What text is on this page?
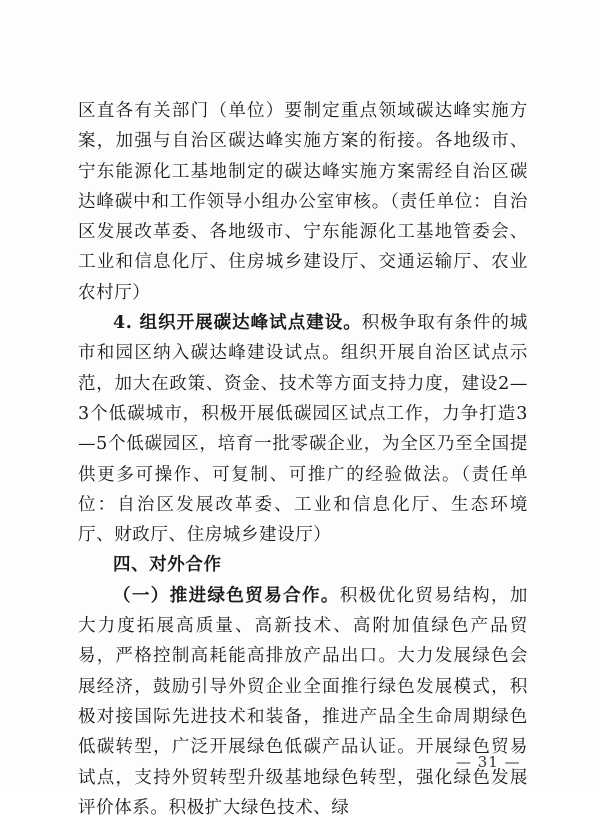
区直各有关部门（单位）要制定重点领域碳达峰实施方案，加强与自治区碳达峰实施方案的衔接。各地级市、宁东能源化工基地制定的碳达峰实施方案需经自治区碳达峰碳中和工作领导小组办公室审核。（责任单位：自治区发展改革委、各地级市、宁东能源化工基地管委会、工业和信息化厅、住房城乡建设厅、交通运输厅、农业农村厅）

4. 组织开展碳达峰试点建设。积极争取有条件的城市和园区纳入碳达峰建设试点。组织开展自治区试点示范，加大在政策、资金、技术等方面支持力度，建设2—3个低碳城市，积极开展低碳园区试点工作，力争打造3—5个低碳园区，培育一批零碳企业，为全区乃至全国提供更多可操作、可复制、可推广的经验做法。（责任单位：自治区发展改革委、工业和信息化厅、生态环境厅、财政厅、住房城乡建设厅）

四、对外合作

（一）推进绿色贸易合作。积极优化贸易结构，加大力度拓展高质量、高新技术、高附加值绿色产品贸易，严格控制高耗能高排放产品出口。大力发展绿色会展经济，鼓励引导外贸企业全面推行绿色发展模式，积极对接国际先进技术和装备，推进产品全生命周期绿色低碳转型，广泛开展绿色低碳产品认证。开展绿色贸易试点，支持外贸转型升级基地绿色转型，强化绿色发展评价体系。积极扩大绿色技术、绿

— 31 —
